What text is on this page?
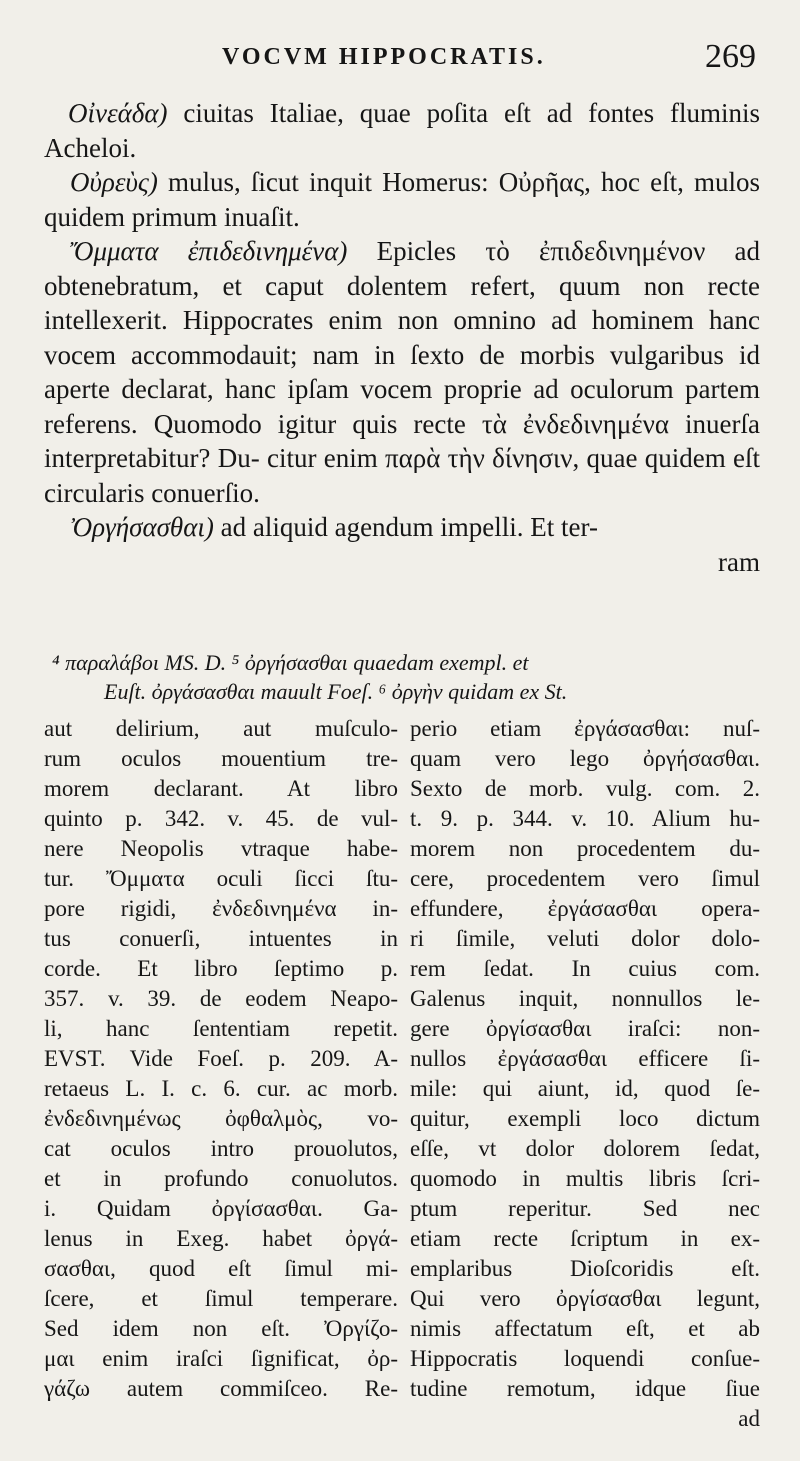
VOCVM HIPPOCRATIS.	269

Οἰνεάδα) ciuitas Italiae, quae poſita eſt ad fontes fluminis Acheloi.

Οὐρεὺς) mulus, ſicut inquit Homerus: Οὐρῆας, hoc eſt, mulos quidem primum inuaſit.

Ὄμματα ἐπιδεδινημένα) Epicles τὸ ἐπιδεδινημένον ad obtenebratum, et caput dolentem refert, quum non recte intellexerit. Hippocrates enim non omnino ad hominem hanc vocem accommodauit; nam in ſexto de morbis vulgaribus id aperte declarat, hanc ipſam vocem proprie ad oculorum partem referens. Quomodo igitur quis recte τὰ ἐνδεδινημένα inuerſa interpretabitur? Du- citur enim παρὰ τὴν δίνησιν, quae quidem eſt circularis conuerſio.

Ὀργήσασθαι) ad aliquid agendum impelli. Et ter-

ram

⁴ παραλάβοι MS. D. ⁵ ὀργήσασθαι quaedam exempl. et

Euſt. ὀργάσασθαι mauult Foeſ. ⁶ ὀργὴν quidam ex St.

aut delirium, aut muſculo-

rum oculos mouentium tre-

morem declarant. At libro

quinto p. 342. v. 45. de vul-

nere Neopolis vtraque habe-

tur. Ὄμματα oculi ſicci ſtu-

pore rigidi, ἐνδεδινημένα in-

tus conuerſi, intuentes in

corde. Et libro ſeptimo p.

357. v. 39. de eodem Neapo-

li, hanc ſententiam repetit.

EVST. Vide Foeſ. p. 209. A-

retaeus L. I. c. 6. cur. ac morb.

ἐνδεδινημένως ὀφθαλμὸς, vo-

cat oculos intro prouolutos,

et in profundo conuolutos.

i. Quidam ὀργίσασθαι. Ga-

lenus in Exeg. habet ὀργά-

σασθαι, quod eſt ſimul mi-

ſcere, et ſimul temperare.

Sed idem non eſt. Ὀργίζο-

μαι enim iraſci ſignificat, ὀρ-

γάζω autem commiſceo. Re-

perio etiam ἐργάσασθαι: nuſ-

quam vero lego ὀργήσασθαι.

Sexto de morb. vulg. com. 2.

t. 9. p. 344. v. 10. Alium hu-

morem non procedentem du-

cere, procedentem vero ſimul

effundere, ἐργάσασθαι opera-

ri ſimile, veluti dolor dolo-

rem ſedat. In cuius com.

Galenus inquit, nonnullos le-

gere ὀργίσασθαι iraſci: non-

nullos ἐργάσασθαι efficere ſi-

mile: qui aiunt, id, quod ſe-

quitur, exempli loco dictum

eſſe, vt dolor dolorem ſedat,

quomodo in multis libris ſcri-

ptum reperitur. Sed nec

etiam recte ſcriptum in ex-

emplaribus Dioſcoridis eſt.

Qui vero ὀργίσασθαι legunt,

nimis affectatum eſt, et ab

Hippocratis loquendi conſue-

tudine remotum, idque ſiue

ad
